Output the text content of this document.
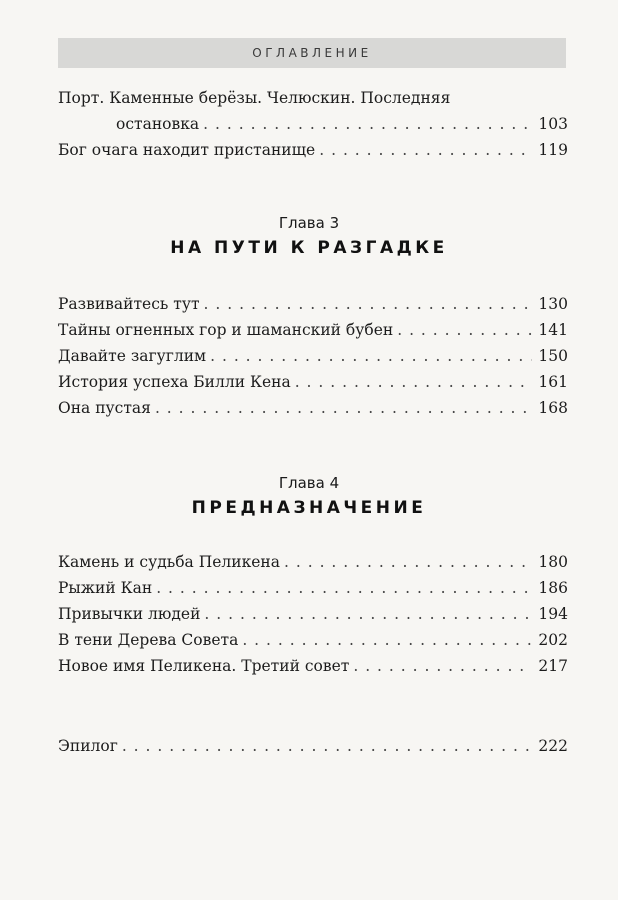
ОГЛАВЛЕНИЕ
Порт. Каменные берёзы. Челюскин. Последняя
остановка . . .	103
Бог очага находит пристанище . . .	119
Глава 3
НА ПУТИ К РАЗГАДКЕ
Развивайтесь тут . . .	130
Тайны огненных гор и шаманский бубен . . .	141
Давайте загуглим . . .	150
История успеха Билли Кена . . .	161
Она пустая . . .	168
Глава 4
ПРЕДНАЗНАЧЕНИЕ
Камень и судьба Пеликена . . .	180
Рыжий Кан . . .	186
Привычки людей . . .	194
В тени Дерева Совета . . .	202
Новое имя Пеликена. Третий совет . . .	217
Эпилог . . .	222
